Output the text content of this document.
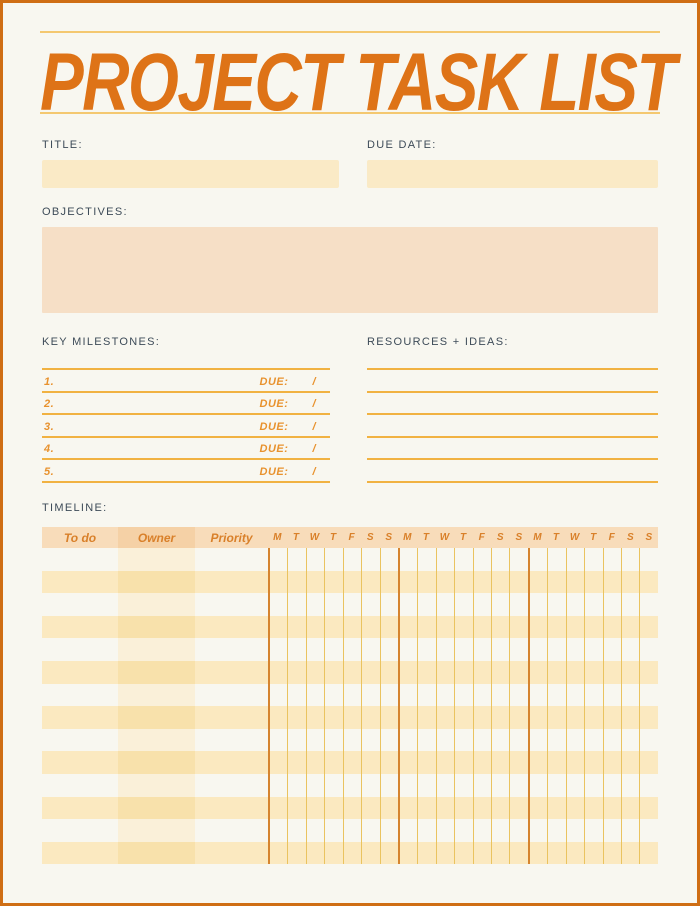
PROJECT TASK LIST
TITLE:	DUE DATE:
OBJECTIVES:
KEY MILESTONES:	RESOURCES + IDEAS:
1.	DUE: /
2.	DUE: /
3.	DUE: /
4.	DUE: /
5.	DUE: /
TIMELINE:
To do	Owner	Priority	M	T	W	T	F	S	S	M	T	W	T	F	S	S	M	T	W	T	F	S	S
